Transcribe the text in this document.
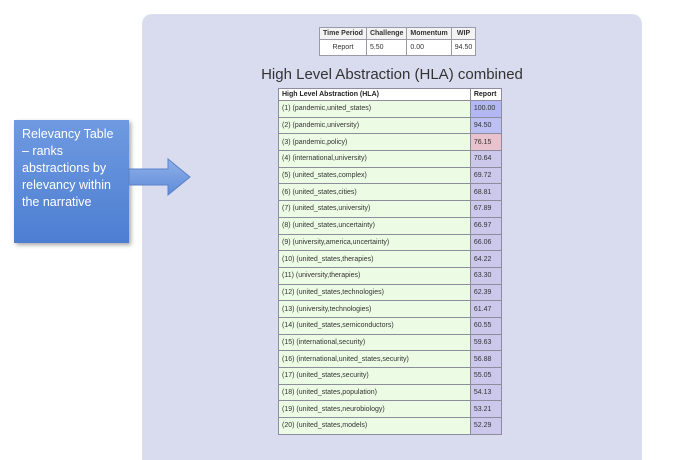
Time Period	Challenge	Momentum	WIP
Report	5.50	0.00	94.50
High Level Abstraction (HLA) combined
High Level Abstraction (HLA)	Report
(1) (pandemic,united_states)	100.00
(2) (pandemic,university)	94.50
(3) (pandemic,policy)	76.15
(4) (international,university)	70.64
(5) (united_states,complex)	69.72
(6) (united_states,cities)	68.81
(7) (united_states,university)	67.89
(8) (united_states,uncertainty)	66.97
(9) (university,america,uncertainty)	66.06
(10) (united_states,therapies)	64.22
(11) (university,therapies)	63.30
(12) (united_states,technologies)	62.39
(13) (university,technologies)	61.47
(14) (united_states,semiconductors)	60.55
(15) (international,security)	59.63
(16) (international,united_states,security)	56.88
(17) (united_states,security)	55.05
(18) (united_states,population)	54.13
(19) (united_states,neurobiology)	53.21
(20) (united_states,models)	52.29
Relevancy Table – ranks abstractions by relevancy within the narrative
